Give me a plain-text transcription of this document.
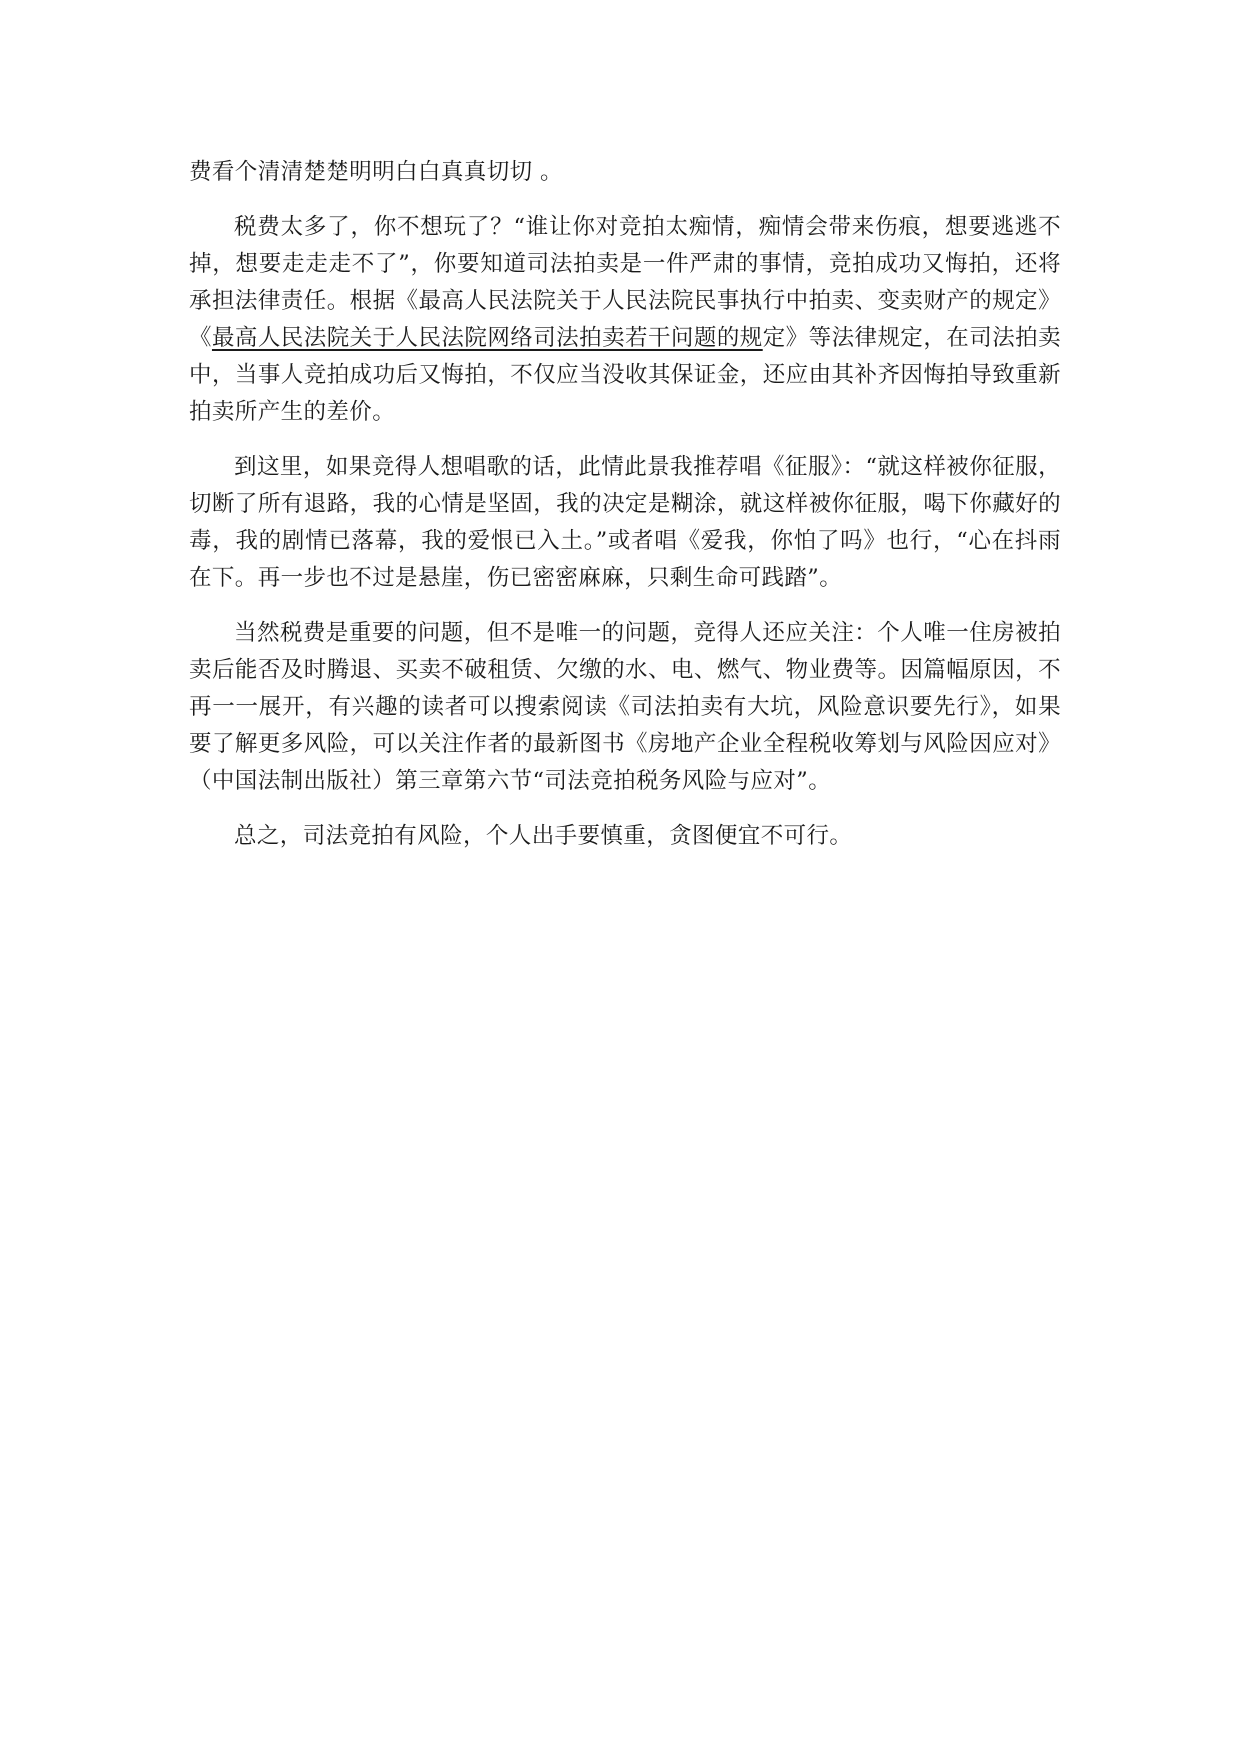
费看个清清楚楚明明白白真真切切 。

税费太多了，你不想玩了？“谁让你对竞拍太痴情，痴情会带来伤痕，想要逃逃不掉，想要走走走不了”，你要知道司法拍卖是一件严肃的事情，竞拍成功又悔拍，还将承担法律责任。根据《最高人民法院关于人民法院民事执行中拍卖、变卖财产的规定》《最高人民法院关于人民法院网络司法拍卖若干问题的规定》等法律规定，在司法拍卖中，当事人竞拍成功后又悔拍，不仅应当没收其保证金，还应由其补齐因悔拍导致重新拍卖所产生的差价。

到这里，如果竞得人想唱歌的话，此情此景我推荐唱《征服》：“就这样被你征服，切断了所有退路，我的心情是坚固，我的决定是糊涂，就这样被你征服，喝下你藏好的毒，我的剧情已落幕，我的爱恨已入土。”或者唱《爱我，你怕了吗》也行，“心在抖雨在下。再一步也不过是悬崖，伤已密密麻麻，只剩生命可践踏”。

当然税费是重要的问题，但不是唯一的问题，竞得人还应关注：个人唯一住房被拍卖后能否及时腾退、买卖不破租赁、欠缴的水、电、燃气、物业费等。因篇幅原因，不再一一展开，有兴趣的读者可以搜索阅读《司法拍卖有大坑，风险意识要先行》，如果要了解更多风险，可以关注作者的最新图书《房地产企业全程税收筹划与风险因应对》（中国法制出版社）第三章第六节“司法竞拍税务风险与应对”。

总之，司法竞拍有风险，个人出手要慎重，贪图便宜不可行。
